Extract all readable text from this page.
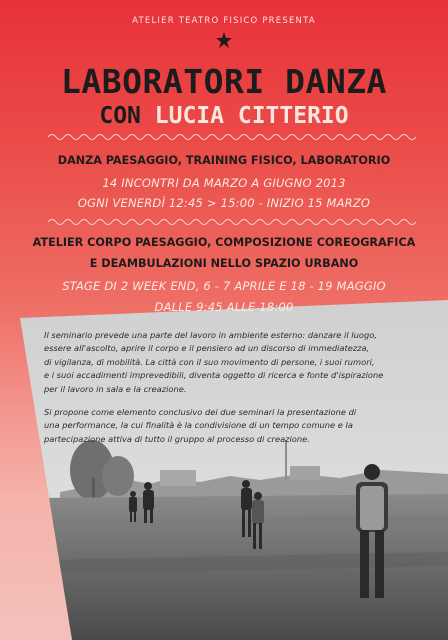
ATELIER TEATRO FISICO PRESENTA
LABORATORI DANZA
CON LUCIA CITTERIO
DANZA PAESAGGIO, TRAINING FISICO, LABORATORIO
14 INCONTRI DA MARZO A GIUGNO 2013
OGNI VENERDÌ 12:45 > 15:00 - INIZIO 15 MARZO
ATELIER CORPO PAESAGGIO, COMPOSIZIONE COREOGRAFICA
E DEAMBULAZIONI NELLO SPAZIO URBANO
STAGE DI 2 WEEK END, 6 - 7 APRILE E 18 - 19 MAGGIO
DALLE 9:45 ALLE 18:00
Il seminario prevede una parte del lavoro in ambiente esterno: danzare il luogo,
essere all'ascolto, aprire il corpo e il pensiero ad un discorso di immediatezza,
di vigilanza, di mobilità. La città con il suo movimento di persone, i suoi rumori,
e i suoi accadimenti imprevedibili, diventa oggetto di ricerca e fonte d'ispirazione
per il lavoro in sala e la creazione.
Si propone come elemento conclusivo dei due seminari la presentazione di
una performance, la cui finalità è la condivisione di un tempo comune e la
partecipazione attiva di tutto il gruppo al processo di creazione.
